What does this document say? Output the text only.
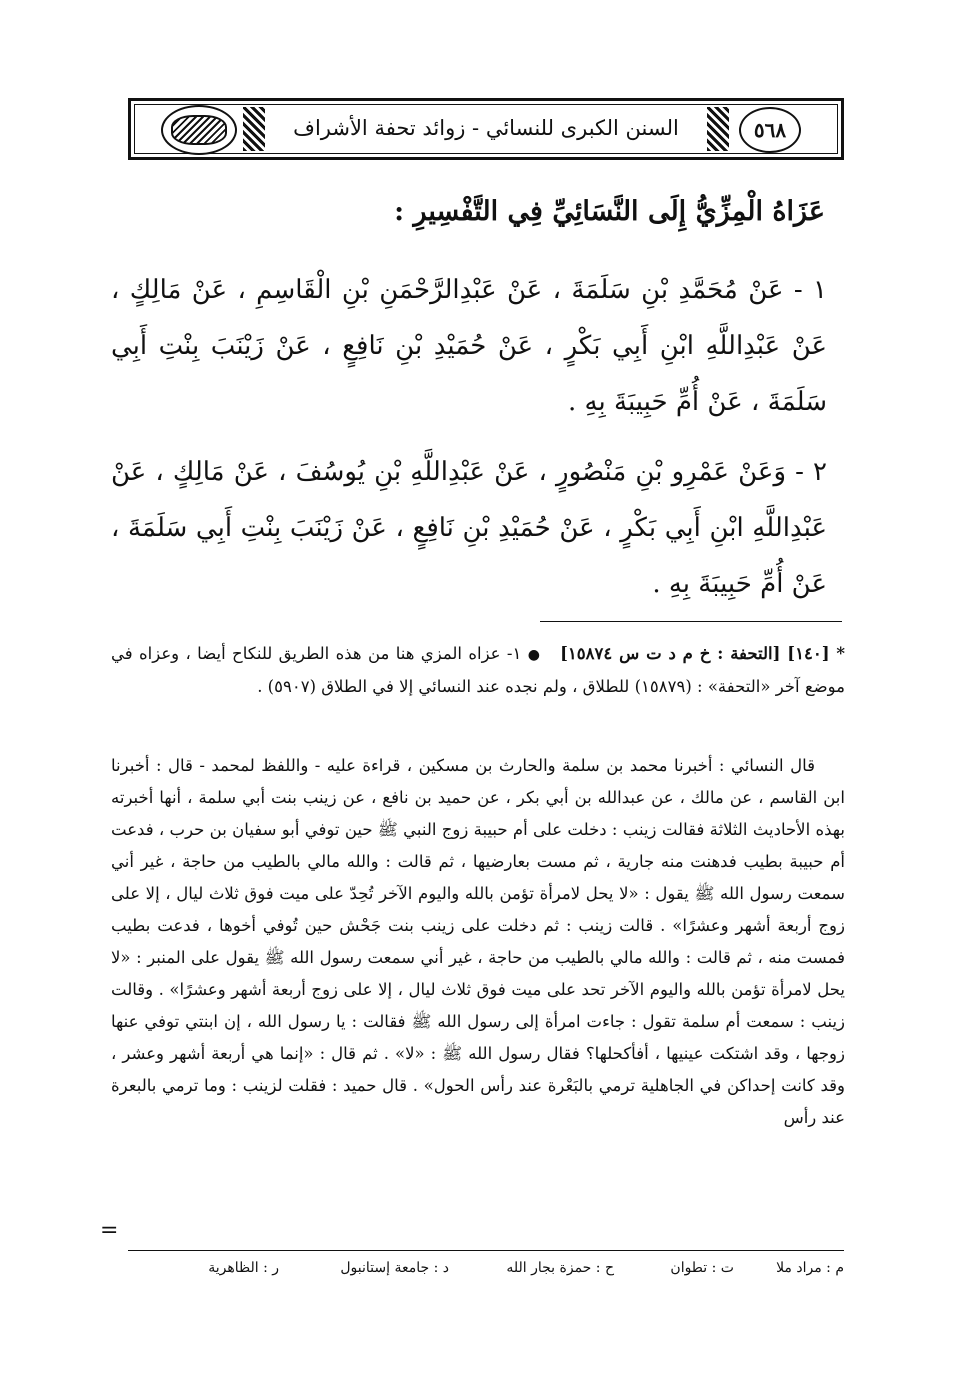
٥٦٨
السنن الكبرى للنسائي - زوائد تحفة الأشراف
عَزَاهُ الْمِزِّيُّ إِلَى النَّسَائِيِّ فِي التَّفْسِيرِ :
١ - عَنْ مُحَمَّدِ بْنِ سَلَمَةَ ، عَنْ عَبْدِالرَّحْمَنِ بْنِ الْقَاسِمِ ، عَنْ مَالِكٍ ، عَنْ عَبْدِاللَّهِ ابْنِ أَبِي بَكْرٍ ، عَنْ حُمَيْدِ بْنِ نَافِعٍ ، عَنْ زَيْنَبَ بِنْتِ أَبِي سَلَمَةَ ، عَنْ أُمِّ حَبِيبَةَ بِهِ .
٢ - وَعَنْ عَمْرِو بْنِ مَنْصُورٍ ، عَنْ عَبْدِاللَّهِ بْنِ يُوسُفَ ، عَنْ مَالِكٍ ، عَنْ عَبْدِاللَّهِ ابْنِ أَبِي بَكْرٍ ، عَنْ حُمَيْدِ بْنِ نَافِعٍ ، عَنْ زَيْنَبَ بِنْتِ أَبِي سَلَمَةَ ، عَنْ أُمِّ حَبِيبَةَ بِهِ .
* [١٤٠] [التحفة : خ م د ت س ١٥٨٧٤]   ● ١- عزاه المزي هنا من هذه الطريق للنكاح أيضا ، وعزاه في موضع آخر «التحفة» : (١٥٨٧٩) للطلاق ، ولم نجده عند النسائي إلا في الطلاق (٥٩٠٧) .
قال النسائي : أخبرنا محمد بن سلمة والحارث بن مسكين ، قراءة عليه - واللفظ لمحمد - قال : أخبرنا ابن القاسم ، عن مالك ، عن عبدالله بن أبي بكر ، عن حميد بن نافع ، عن زينب بنت أبي سلمة ، أنها أخبرته بهذه الأحاديث الثلاثة فقالت زينب : دخلت على أم حبيبة زوج النبي ﷺ حين توفي أبو سفيان بن حرب ، فدعت أم حبيبة بطيب فدهنت منه جارية ، ثم مست بعارضيها ، ثم قالت : والله مالي بالطيب من حاجة ، غير أني سمعت رسول الله ﷺ يقول : «لا يحل لامرأة تؤمن بالله واليوم الآخر تُحِدّ على ميت فوق ثلاث ليال ، إلا على زوج أربعة أشهر وعشرًا» . قالت زينب : ثم دخلت على زينب بنت جَحْش حين تُوفي أخوها ، فدعت بطيب فمست منه ، ثم قالت : والله مالي بالطيب من حاجة ، غير أني سمعت رسول الله ﷺ يقول على المنبر : «لا يحل لامرأة تؤمن بالله واليوم الآخر تحد على ميت فوق ثلاث ليال ، إلا على زوج أربعة أشهر وعشرًا» . وقالت زينب : سمعت أم سلمة تقول : جاءت امرأة إلى رسول الله ﷺ فقالت : يا رسول الله ، إن ابنتي توفي عنها زوجها ، وقد اشتكت عينيها ، أفأكحلها؟ فقال رسول الله ﷺ : «لا» . ثم قال : «إنما هي أربعة أشهر وعشر ، وقد كانت إحداكن في الجاهلية ترمي بالبَعْرة عند رأس الحول» . قال حميد : فقلت لزينب : وما ترمي بالبعرة عند رأس
=
م : مراد ملا
ت : تطوان
ح : حمزة بجار الله
د : جامعة إستانبول
ر : الظاهرية
